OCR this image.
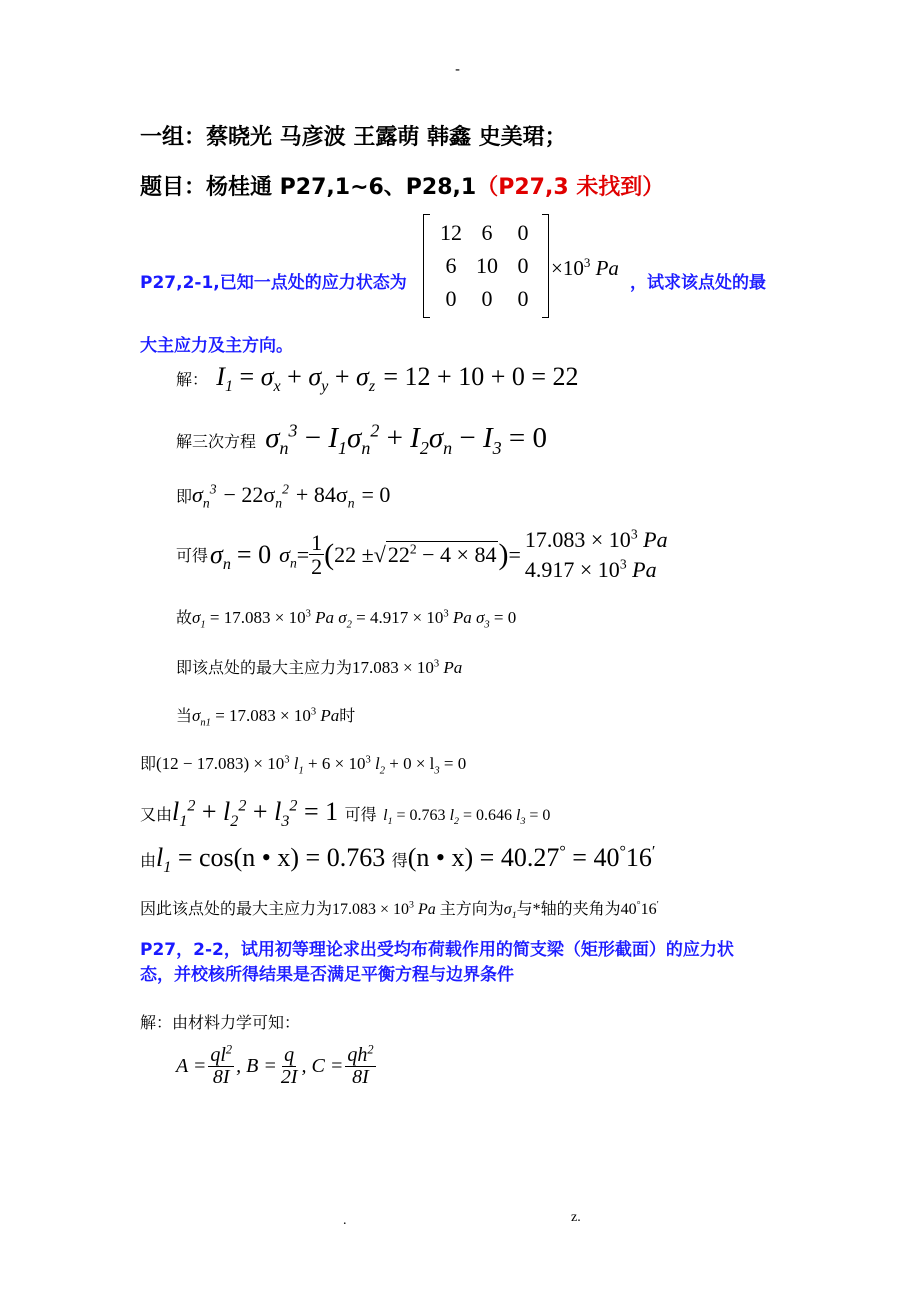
-
一组：蔡晓光 马彦波 王露萌 韩鑫 史美珺；
题目：杨桂通 P27,1~6、P28,1（P27,3 未找到）
P27,2-1,已知一点处的应力状态为
12	6	0
6	10	0
0	0	0
$\times 10^3$ Pa
，试求该点处的最
大主应力及主方向。
解： $I_1 = \sigma_x + \sigma_y + \sigma_z = 12 + 10 + 0 = 22$
解三次方程 $\sigma_n^3 - I_1\sigma_n^2 + I_2\sigma_n - I_3 = 0$
即$\sigma_n^3 - 22\sigma_n^2 + 84\sigma_n = 0$
可得 $\sigma_n = 0$ $\sigma_n = \frac{1}{2}$ ( 22 ± √ $22^2 - 4 \times 84$ ) =
$17.083 \times 10^3$ Pa
$4.917 \times 10^3$ Pa
故$\sigma_1 = 17.083 \times 10^3$ Pa $\sigma_2 = 4.917 \times 10^3$ Pa $\sigma_3 = 0$
即该点处的最大主应力为$17.083 \times 10^3$ Pa
当$\sigma_{n1} = 17.083 \times 10^3$ Pa时
即$(12 - 17.083) \times 10^3$ $l_1 + 6 \times 10^3$ $l_2 + 0 \times l_3 = 0$
又由$l_1^2 + l_2^2 + l_3^2 = 1$ 可得 $l_1 = 0.763$ $l_2 = 0.646$ $l_3 = 0$
由$l_1 = \cos(n$ • x) = 0.763 得(n • x) = 40.27° = 40°16′
因此该点处的最大主应力为$17.083 \times 10^3$ Pa 主方向为$\sigma_1$与*轴的夹角为40°16′
P27，2-2，试用初等理论求出受均布荷载作用的简支梁（矩形截面）的应力状
态，并校核所得结果是否满足平衡方程与边界条件
解：由材料力学可知：
$A = \frac{ql^2}{8I}$ , $B = \frac{q}{2I}$ , $C = \frac{qh^2}{8I}$
.	z.
